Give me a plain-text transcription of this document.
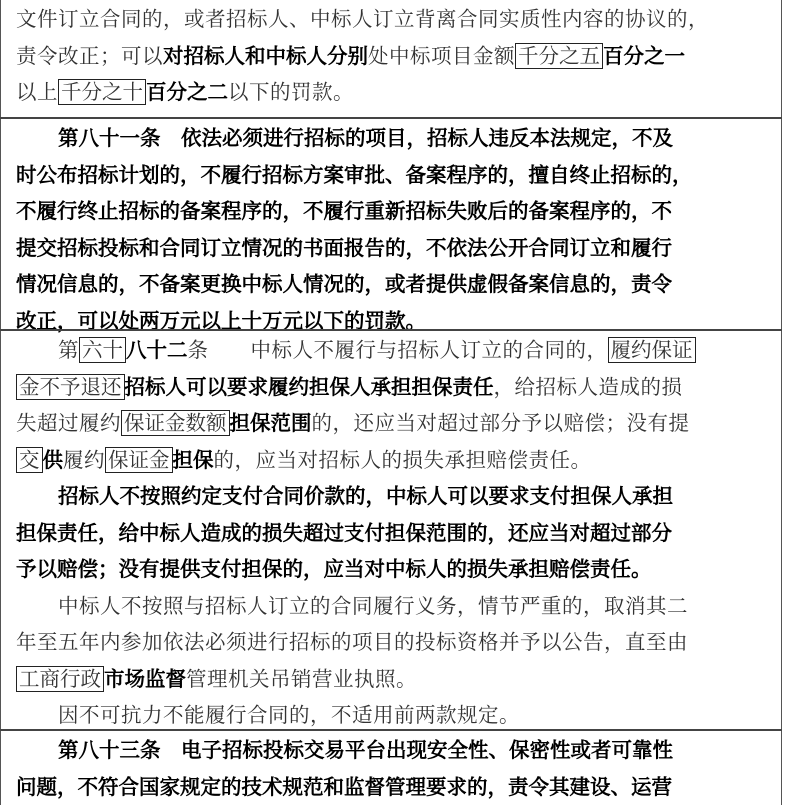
文件订立合同的，或者招标人、中标人订立背离合同实质性内容的协议的，
责令改正；可以对招标人和中标人分别处中标项目金额 千分之五 百分之一
以上 千分之十 百分之二以下的罚款。
第八十一条　依法必须进行招标的项目，招标人违反本法规定，不及
时公布招标计划的，不履行招标方案审批、备案程序的，擅自终止招标的，
不履行终止招标的备案程序的，不履行重新招标失败后的备案程序的，不
提交招标投标和合同订立情况的书面报告的，不依法公开合同订立和履行
情况信息的，不备案更换中标人情况的，或者提供虚假备案信息的，责令
改正，可以处两万元以上十万元以下的罚款。
第 六十 八十二条　　中标人不履行与招标人订立的合同的， 履约保证
金不予退还 招标人可以要求履约担保人承担担保责任，给招标人造成的损
失超过履约 保证金数额 担保范围的，还应当对超过部分予以赔偿；没有提
交 供履约 保证金 担保的，应当对招标人的损失承担赔偿责任。
招标人不按照约定支付合同价款的，中标人可以要求支付担保人承担
担保责任，给中标人造成的损失超过支付担保范围的，还应当对超过部分
予以赔偿；没有提供支付担保的，应当对中标人的损失承担赔偿责任。
中标人不按照与招标人订立的合同履行义务，情节严重的，取消其二
年至五年内参加依法必须进行招标的项目的投标资格并予以公告，直至由
工商行政 市场监督管理机关吊销营业执照。
因不可抗力不能履行合同的，不适用前两款规定。
第八十三条　电子招标投标交易平台出现安全性、保密性或者可靠性
问题，不符合国家规定的技术规范和监督管理要求的，责令其建设、运营
